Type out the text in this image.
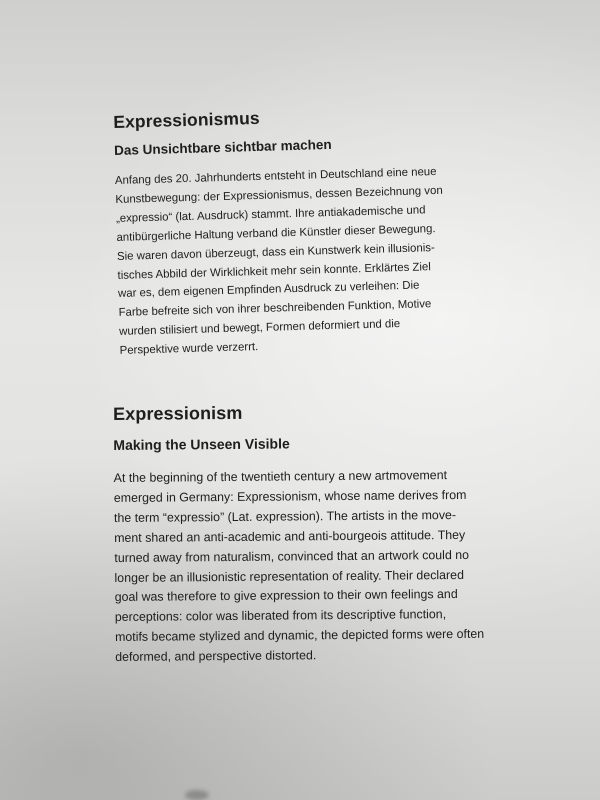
Expressionismus
Das Unsichtbare sichtbar machen

Anfang des 20. Jahrhunderts entsteht in Deutschland eine neue
Kunstbewegung: der Expressionismus, dessen Bezeichnung von
„expressio“ (lat. Ausdruck) stammt. Ihre antiakademische und
antibürgerliche Haltung verband die Künstler dieser Bewegung.
Sie waren davon überzeugt, dass ein Kunstwerk kein illusionis-
tisches Abbild der Wirklichkeit mehr sein konnte. Erklärtes Ziel
war es, dem eigenen Empfinden Ausdruck zu verleihen: Die
Farbe befreite sich von ihrer beschreibenden Funktion, Motive
wurden stilisiert und bewegt, Formen deformiert und die
Perspektive wurde verzerrt.

Expressionism
Making the Unseen Visible

At the beginning of the twentieth century a new artmovement
emerged in Germany: Expressionism, whose name derives from
the term “expressio” (Lat. expression). The artists in the move-
ment shared an anti-academic and anti-bourgeois attitude. They
turned away from naturalism, convinced that an artwork could no
longer be an illusionistic representation of reality. Their declared
goal was therefore to give expression to their own feelings and
perceptions: color was liberated from its descriptive function,
motifs became stylized and dynamic, the depicted forms were often
deformed, and perspective distorted.
